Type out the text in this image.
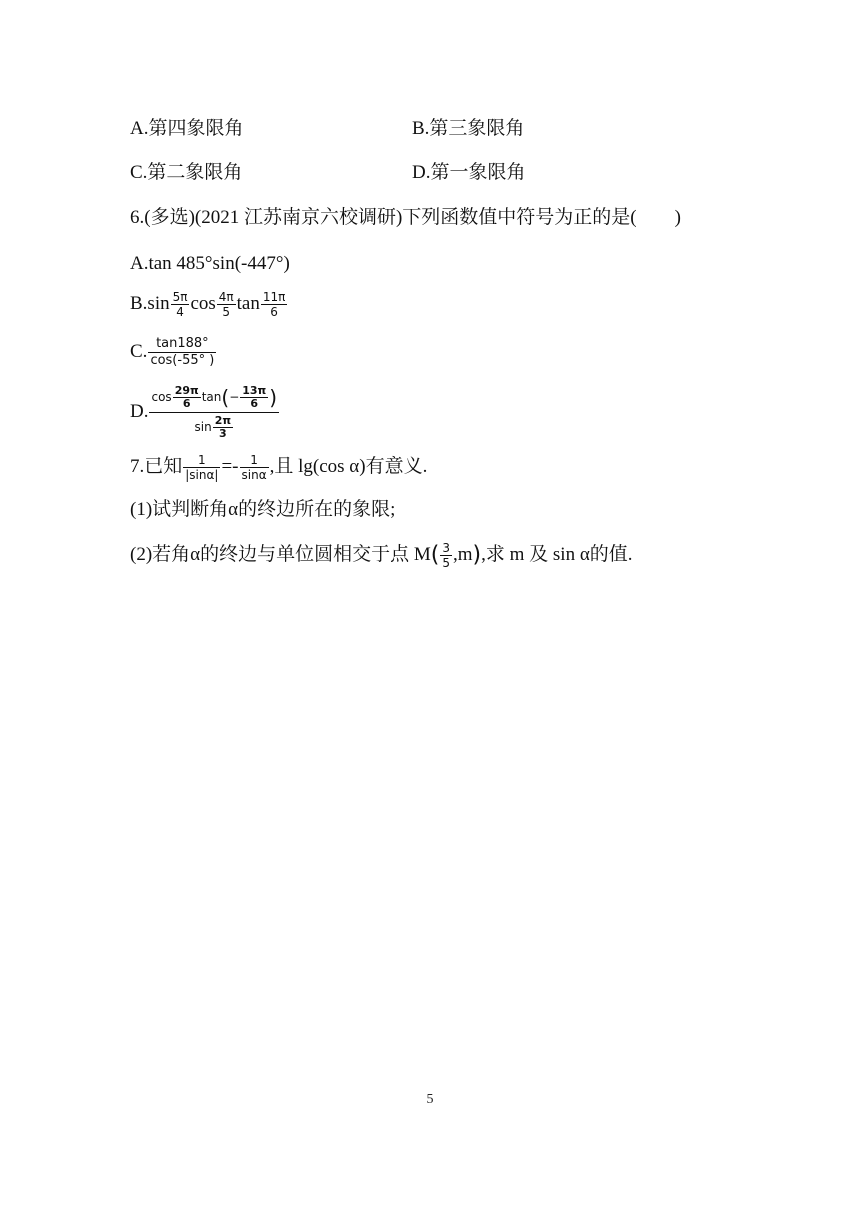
A.第四象限角	B.第三象限角
C.第二象限角	D.第一象限角
6.(多选)(2021 江苏南京六校调研)下列函数值中符号为正的是(　　)
A.tan 485°sin(-447°)
$B.\sin \frac{5\pi}{4}$ $\cos \frac{4\pi}{5}$ $\tan \frac{11\pi}{6}$
C. $\frac{\tan 188^\circ}{\cos(-55^\circ )}$
D. $\frac{\cos \frac{29\pi}{6} \tan(- \frac{13\pi}{6} )}{\sin \frac{2\pi}{3}}$
7.已知 $\frac{1}{|\sin\alpha|} =- \frac{1}{\sin\alpha}$ ,且 lg(cos α)有意义.
(1)试判断角α的终边所在的象限;
(2)若角α的终边与单位圆相交于点 $M( \frac{3}{5} ,m)$,求 m 及 sin α的值.
5
